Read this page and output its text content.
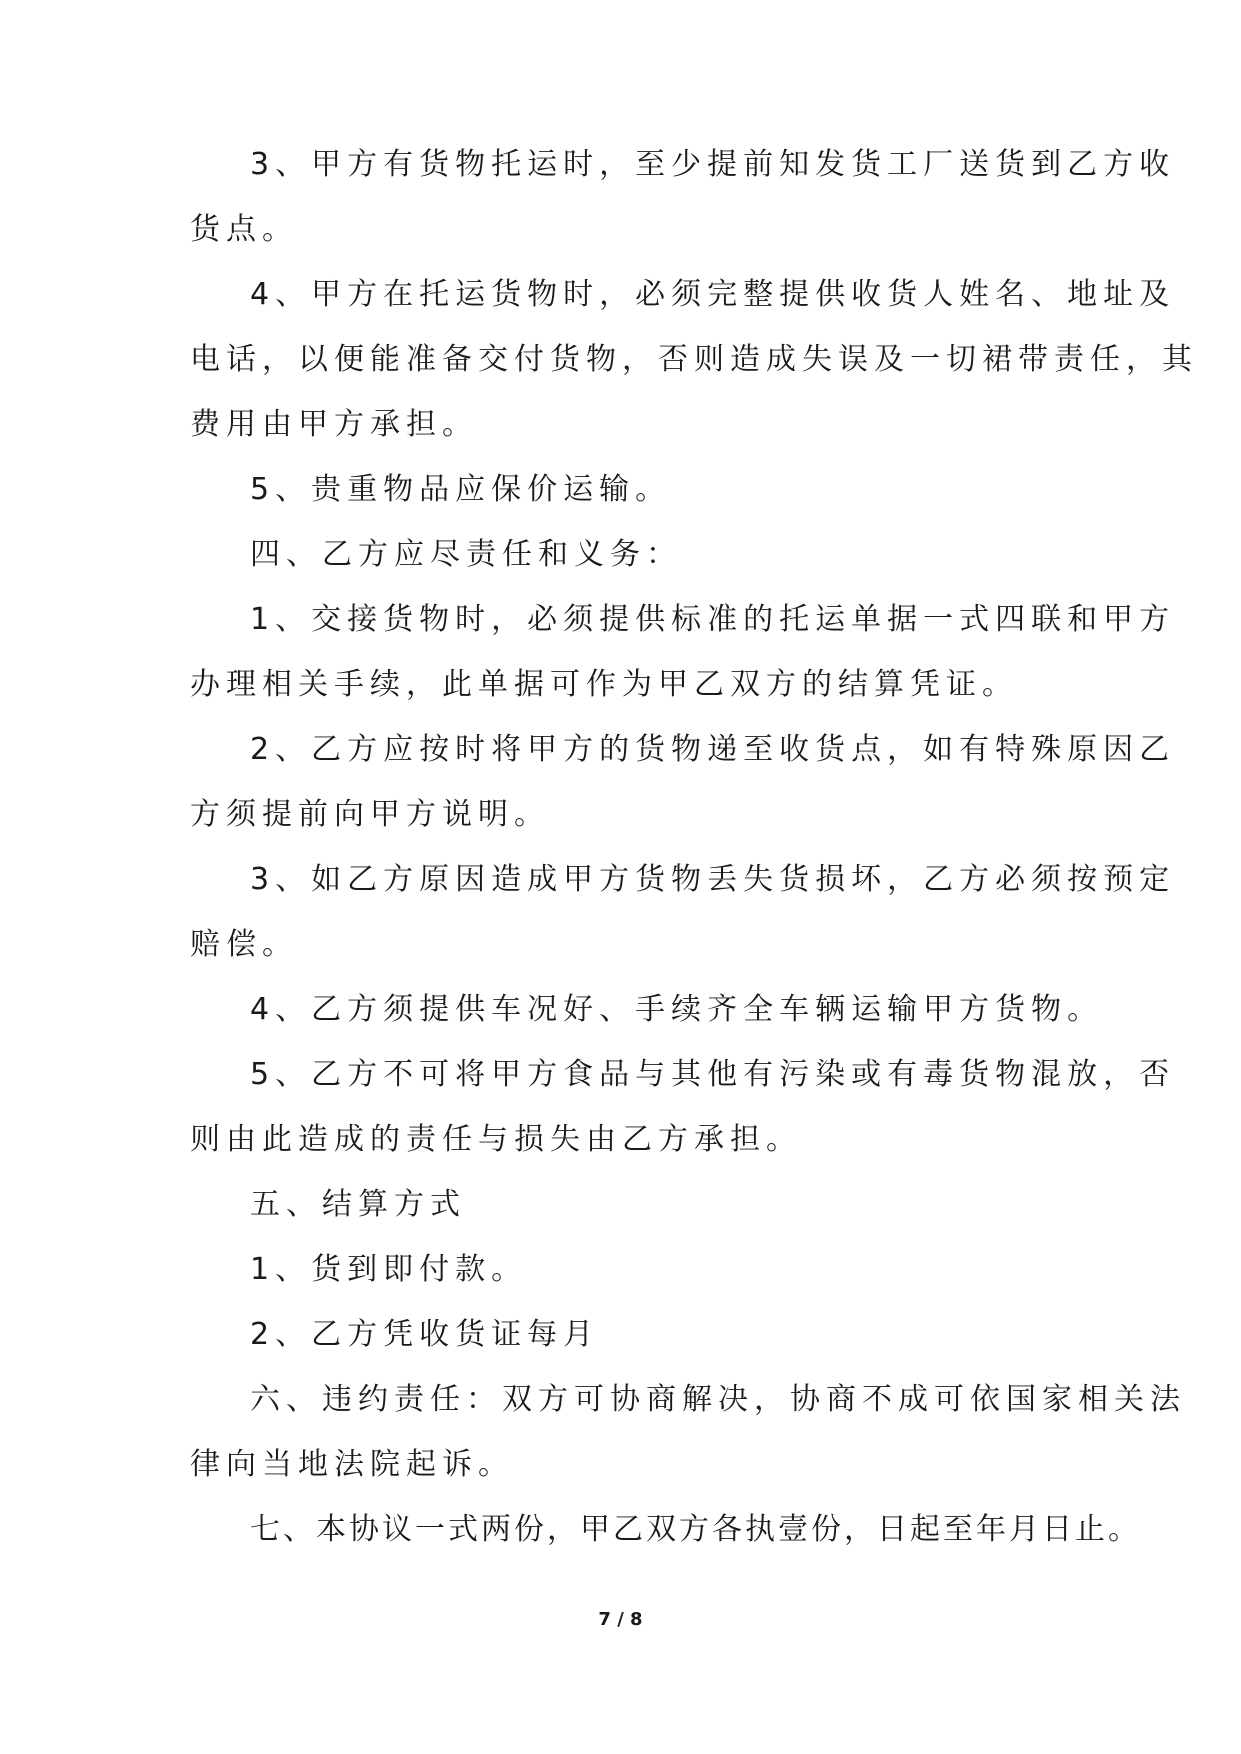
3、甲方有货物托运时，至少提前知发货工厂送货到乙方收
货点。
4、甲方在托运货物时，必须完整提供收货人姓名、地址及
电话，以便能准备交付货物，否则造成失误及一切裙带责任，其
费用由甲方承担。
5、贵重物品应保价运输。
四、乙方应尽责任和义务：
1、交接货物时，必须提供标准的托运单据一式四联和甲方
办理相关手续，此单据可作为甲乙双方的结算凭证。
2、乙方应按时将甲方的货物递至收货点，如有特殊原因乙
方须提前向甲方说明。
3、如乙方原因造成甲方货物丢失货损坏，乙方必须按预定
赔偿。
4、乙方须提供车况好、手续齐全车辆运输甲方货物。
5、乙方不可将甲方食品与其他有污染或有毒货物混放，否
则由此造成的责任与损失由乙方承担。
五、结算方式
1、货到即付款。
2、乙方凭收货证每月
六、违约责任：双方可协商解决，协商不成可依国家相关法
律向当地法院起诉。
七、本协议一式两份，甲乙双方各执壹份，日起至年月日止。
7 / 8
